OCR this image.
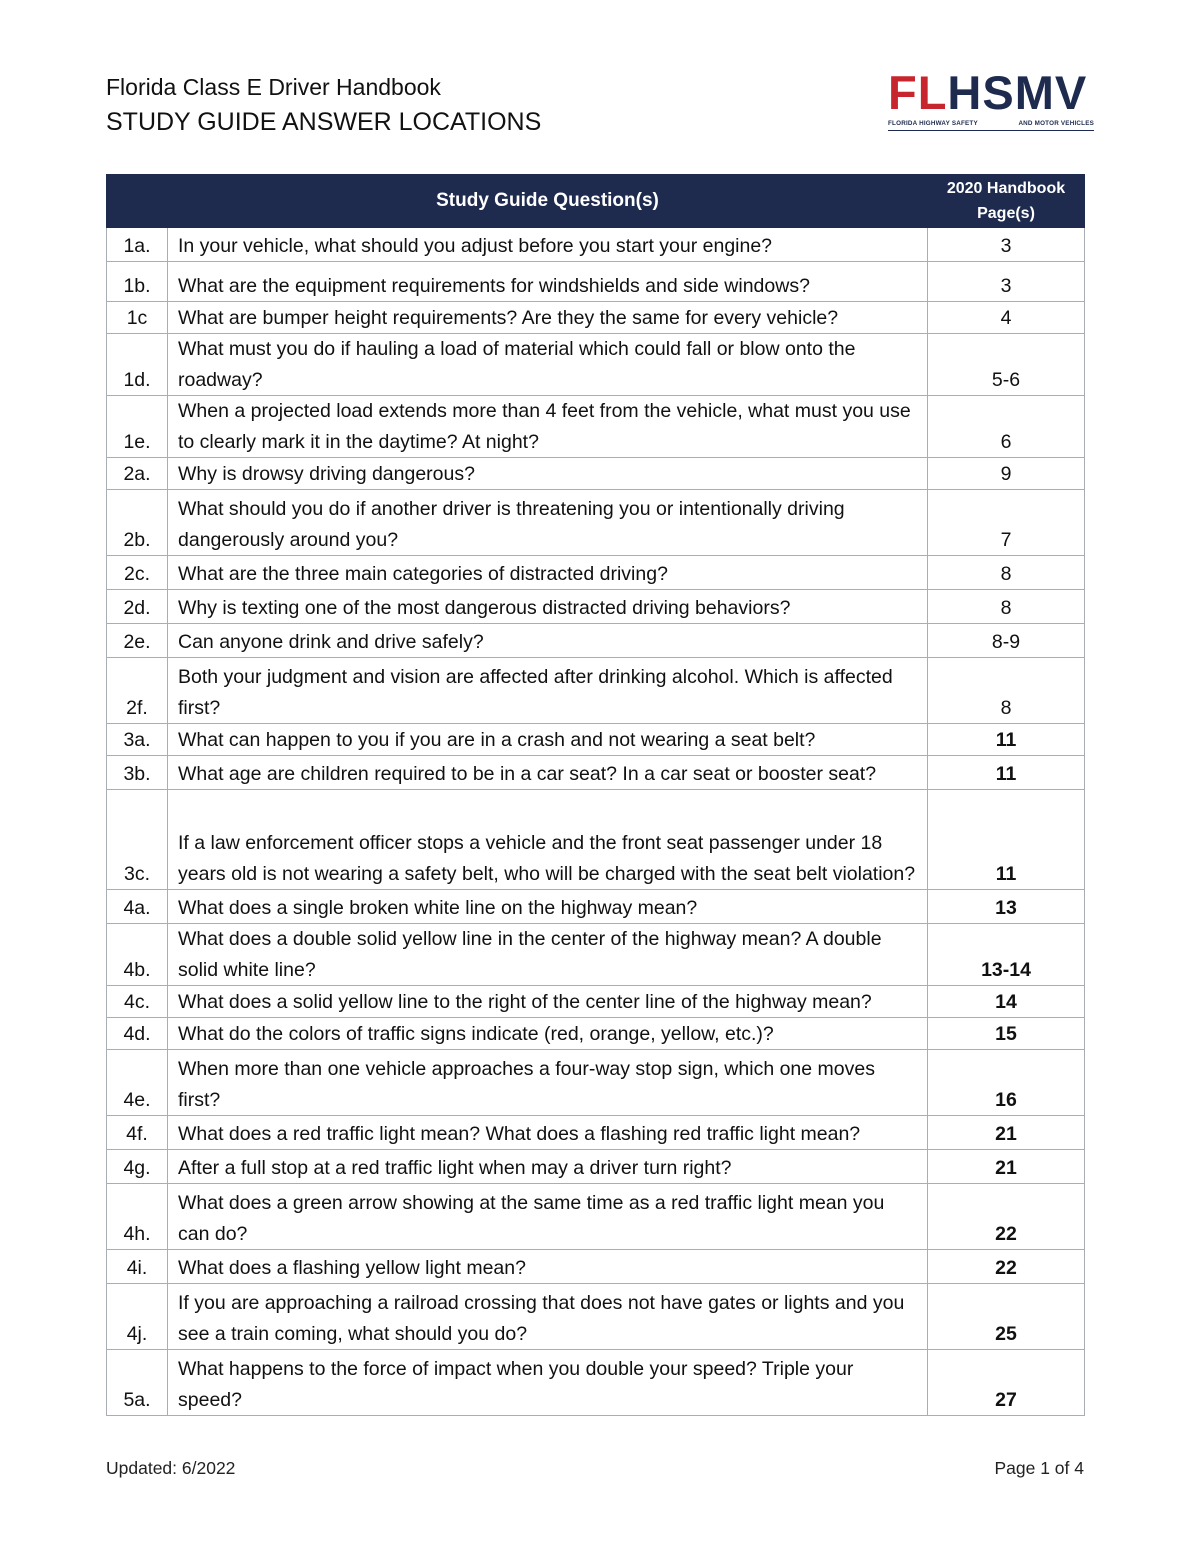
Florida Class E Driver Handbook
STUDY GUIDE ANSWER LOCATIONS
FLHSMV
FLORIDA HIGHWAY SAFETY	AND MOTOR VEHICLES
	Study Guide Question(s)	2020 Handbook
Page(s)

1a.	In your vehicle, what should you adjust before you start your engine?	3
1b.	What are the equipment requirements for windshields and side windows?	3
1c	What are bumper height requirements? Are they the same for every vehicle?	4
1d.	What must you do if hauling a load of material which could fall or blow onto the roadway?	5-6
1e.	When a projected load extends more than 4 feet from the vehicle, what must you use to clearly mark it in the daytime? At night?	6
2a.	Why is drowsy driving dangerous?	9
2b.	What should you do if another driver is threatening you or intentionally driving dangerously around you?	7
2c.	What are the three main categories of distracted driving?	8
2d.	Why is texting one of the most dangerous distracted driving behaviors?	8
2e.	Can anyone drink and drive safely?	8-9
2f.	Both your judgment and vision are affected after drinking alcohol. Which is affected first?	8
3a.	What can happen to you if you are in a crash and not wearing a seat belt?	11
3b.	What age are children required to be in a car seat? In a car seat or booster seat?	11
3c.	If a law enforcement officer stops a vehicle and the front seat passenger under 18 years old is not wearing a safety belt, who will be charged with the seat belt violation?	11
4a.	What does a single broken white line on the highway mean?	13
4b.	What does a double solid yellow line in the center of the highway mean? A double solid white line?	13-14
4c.	What does a solid yellow line to the right of the center line of the highway mean?	14
4d.	What do the colors of traffic signs indicate (red, orange, yellow, etc.)?	15
4e.	When more than one vehicle approaches a four-way stop sign, which one moves first?	16
4f.	What does a red traffic light mean? What does a flashing red traffic light mean?	21
4g.	After a full stop at a red traffic light when may a driver turn right?	21
4h.	What does a green arrow showing at the same time as a red traffic light mean you can do?	22
4i.	What does a flashing yellow light mean?	22
4j.	If you are approaching a railroad crossing that does not have gates or lights and you see a train coming, what should you do?	25
5a.	What happens to the force of impact when you double your speed? Triple your speed?	27
Updated: 6/2022	Page 1 of 4
